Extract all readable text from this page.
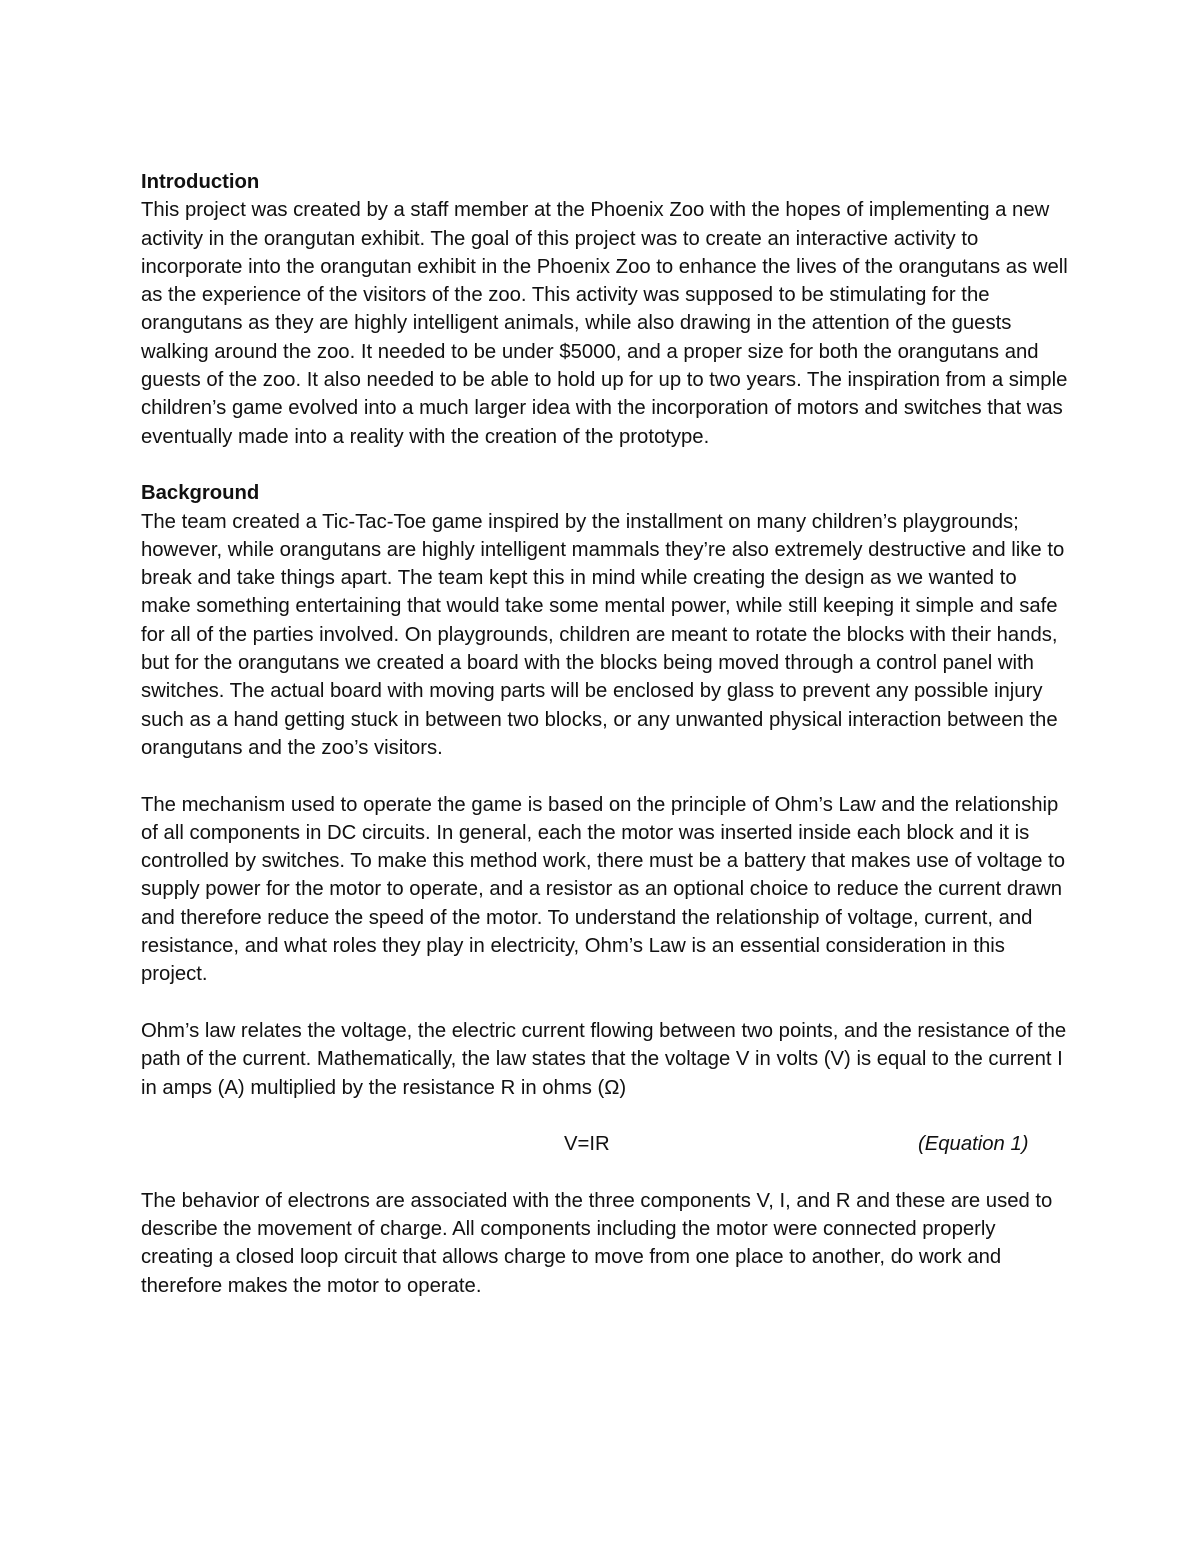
Introduction

This project was created by a staff member at the Phoenix Zoo with the hopes of implementing a new activity in the orangutan exhibit. The goal of this project was to create an interactive activity to incorporate into the orangutan exhibit in the Phoenix Zoo to enhance the lives of the orangutans as well as the experience of the visitors of the zoo. This activity was supposed to be stimulating for the orangutans as they are highly intelligent animals, while also drawing in the attention of the guests walking around the zoo. It needed to be under $5000, and a proper size for both the orangutans and guests of the zoo. It also needed to be able to hold up for up to two years. The inspiration from a simple children’s game evolved into a much larger idea with the incorporation of motors and switches that was eventually made into a reality with the creation of the prototype.

Background

The team created a Tic-Tac-Toe game inspired by the installment on many children’s playgrounds; however, while orangutans are highly intelligent mammals they’re also extremely destructive and like to break and take things apart. The team kept this in mind while creating the design as we wanted to make something entertaining that would take some mental power, while still keeping it simple and safe for all of the parties involved. On playgrounds, children are meant to rotate the blocks with their hands, but for the orangutans we created a board with the blocks being moved through a control panel with switches. The actual board with moving parts will be enclosed by glass to prevent any possible injury such as a hand getting stuck in between two blocks, or any unwanted physical interaction between the orangutans and the zoo’s visitors.

The mechanism used to operate the game is based on the principle of Ohm’s Law and the relationship of all components in DC circuits. In general, each the motor was inserted inside each block and it is controlled by switches. To make this method work, there must be a battery that makes use of voltage to supply power for the motor to operate, and a resistor as an optional choice to reduce the current drawn and therefore reduce the speed of the motor. To understand the relationship of voltage, current, and resistance, and what roles they play in electricity, Ohm’s Law is an essential consideration in this project.

Ohm’s law relates the voltage, the electric current flowing between two points, and the resistance of the path of the current. Mathematically, the law states that the voltage V in volts (V) is equal to the current I in amps (A) multiplied by the resistance R in ohms (Ω)

V=IR	(Equation 1)

The behavior of electrons are associated with the three components V, I, and R and these are used to describe the movement of charge. All components including the motor were connected properly creating a closed loop circuit that allows charge to move from one place to another, do work and therefore makes the motor to operate.
